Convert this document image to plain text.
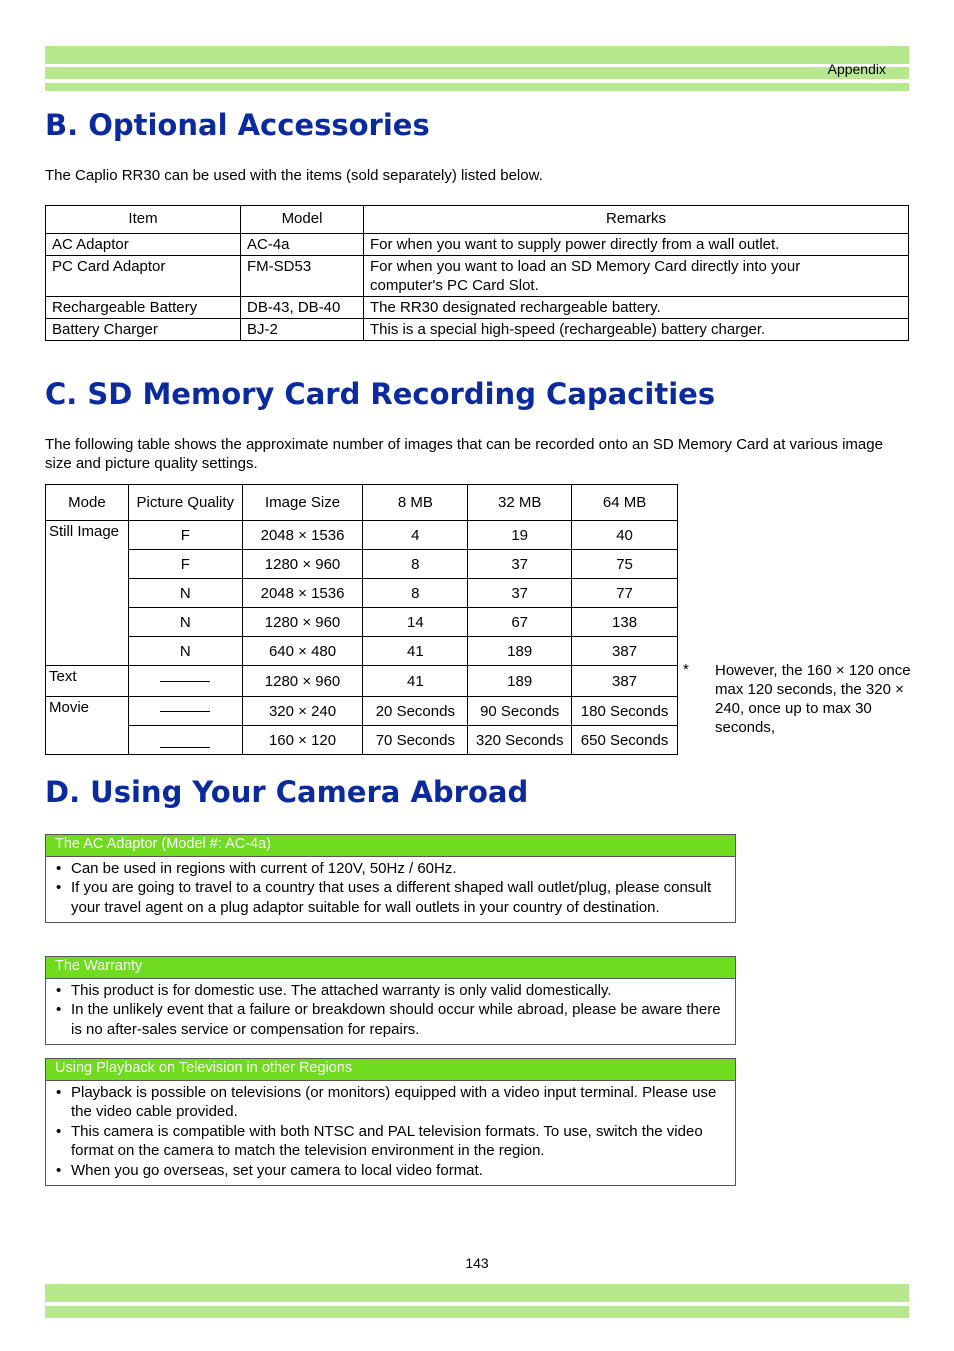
Appendix
B. Optional Accessories

The Caplio RR30 can be used with the items (sold separately) listed below.

Item	Model	Remarks
AC Adaptor	AC-4a	For when you want to supply power directly from a wall outlet.
PC Card Adaptor	FM-SD53	For when you want to load an SD Memory Card directly into your computer's PC Card Slot.
Rechargeable Battery	DB-43, DB-40	The RR30 designated rechargeable battery.
Battery Charger	BJ-2	This is a special high-speed (rechargeable) battery charger.
C. SD Memory Card Recording Capacities

The following table shows the approximate number of images that can be recorded onto an SD Memory Card at various image size and picture quality settings.

Mode	Picture Quality	Image Size	8 MB	32 MB	64 MB
Still Image	F	2048 × 1536	4	19	40
	F	1280 × 960	8	37	75
	N	2048 × 1536	8	37	77
	N	1280 × 960	14	67	138
	N	640 × 480	41	189	387
Text		1280 × 960	41	189	387
Movie		320 × 240	20 Seconds	90 Seconds	180 Seconds
		160 × 120	70 Seconds	320 Seconds	650 Seconds
* However, the 160 × 120 once max 120 seconds, the 320 × 240, once up to max 30 seconds,
D. Using Your Camera Abroad
The AC Adaptor (Model #: AC-4a)
• Can be used in regions with current of 120V, 50Hz / 60Hz.
• If you are going to travel to a country that uses a different shaped wall outlet/plug, please consult your travel agent on a plug adaptor suitable for wall outlets in your country of destination.
The Warranty
• This product is for domestic use. The attached warranty is only valid domestically.
• In the unlikely event that a failure or breakdown should occur while abroad, please be aware there is no after-sales service or compensation for repairs.
Using Playback on Television in other Regions
• Playback is possible on televisions (or monitors) equipped with a video input terminal. Please use the video cable provided.
• This camera is compatible with both NTSC and PAL television formats. To use, switch the video format on the camera to match the television environment in the region.
• When you go overseas, set your camera to local video format.
143
